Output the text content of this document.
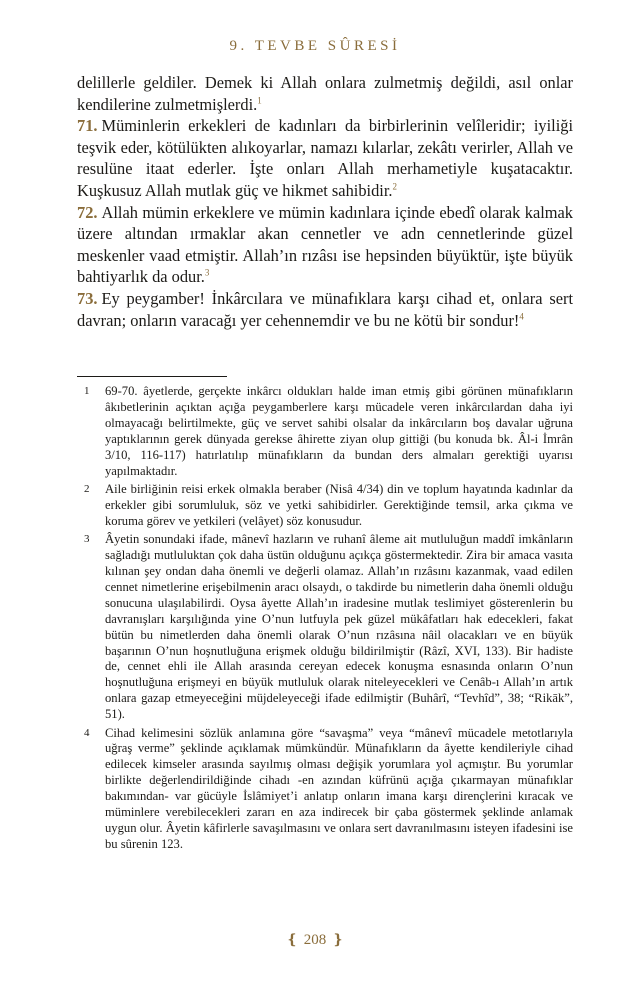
9. TEVBE SÛRESİ

delillerle geldiler. Demek ki Allah onlara zulmetmiş değildi, asıl onlar kendilerine zulmetmişlerdi.$^1$

71. Müminlerin erkekleri de kadınları da birbirlerinin velîleridir; iyiliği teşvik eder, kötülükten alıkoyarlar, namazı kılarlar, zekâtı verirler, Allah ve resulüne itaat ederler. İşte onları Allah merhametiyle kuşatacaktır. Kuşkusuz Allah mutlak güç ve hikmet sahibidir.$^2$

72. Allah mümin erkeklere ve mümin kadınlara içinde ebedî olarak kalmak üzere altından ırmaklar akan cennetler ve adn cennetlerinde güzel meskenler vaad etmiştir. Allah’ın rızâsı ise hepsinden büyüktür, işte büyük bahtiyarlık da odur.$^3$

73. Ey peygamber! İnkârcılara ve münafıklara karşı cihad et, onlara sert davran; onların varacağı yer cehennemdir ve bu ne kötü bir sondur!$^4$

1	69-70. âyetlerde, gerçekte inkârcı oldukları halde iman etmiş gibi görünen münafıkların âkıbetlerinin açıktan açığa peygamberlere karşı mücadele veren inkârcılardan daha iyi olmayacağı belirtilmekte, güç ve servet sahibi olsalar da inkârcıların boş davalar uğruna yaptıklarının gerek dünyada gerekse âhirette ziyan olup gittiği (bu konuda bk. Âl-i İmrân 3/10, 116-117) hatırlatılıp münafıkların da bundan ders almaları gerektiği uyarısı yapılmaktadır.
2	Aile birliğinin reisi erkek olmakla beraber (Nisâ 4/34) din ve toplum hayatında kadınlar da erkekler gibi sorumluluk, söz ve yetki sahibidirler. Gerektiğinde temsil, arka çıkma ve koruma görev ve yetkileri (velâyet) söz konusudur.
3	Âyetin sonundaki ifade, mânevî hazların ve ruhanî âleme ait mutluluğun maddî imkânların sağladığı mutluluktan çok daha üstün olduğunu açıkça göstermektedir. Zira bir amaca vasıta kılınan şey ondan daha önemli ve değerli olamaz. Allah’ın rızâsını kazanmak, vaad edilen cennet nimetlerine erişebilmenin aracı olsaydı, o takdirde bu nimetlerin daha önemli olduğu sonucuna ulaşılabilirdi. Oysa âyette Allah’ın iradesine mutlak teslimiyet gösterenlerin bu davranışları karşılığında yine O’nun lutfuyla pek güzel mükâfatları hak edecekleri, fakat bütün bu nimetlerden daha önemli olarak O’nun rızâsına nâil olacakları ve en büyük başarının O’nun hoşnutluğuna erişmek olduğu bildirilmiştir (Râzî, XVI, 133). Bir hadiste de, cennet ehli ile Allah arasında cereyan edecek konuşma esnasında onların O’nun hoşnutluğuna erişmeyi en büyük mutluluk olarak niteleyecekleri ve Cenâb-ı Allah’ın artık onlara gazap etmeyeceğini müjdeleyeceği ifade edilmiştir (Buhârî, “Tevhîd”, 38; “Rikāk”, 51).
4	Cihad kelimesini sözlük anlamına göre “savaşma” veya “mânevî mücadele metotlarıyla uğraş verme” şeklinde açıklamak mümkündür. Münafıkların da âyette kendileriyle cihad edilecek kimseler arasında sayılmış olması değişik yorumlara yol açmıştır. Bu yorumlar birlikte değerlendirildiğinde cihadı -en azından küfrünü açığa çıkarmayan münafıklar bakımından- var gücüyle İslâmiyet’i anlatıp onların imana karşı dirençlerini kıracak ve müminlere verebilecekleri zararı en aza indirecek bir çaba göstermek şeklinde anlamak uygun olur. Âyetin kâfirlerle savaşılmasını ve onlara sert davranılmasını isteyen ifadesini ise bu sûrenin 123.
❴ 208 ❵
